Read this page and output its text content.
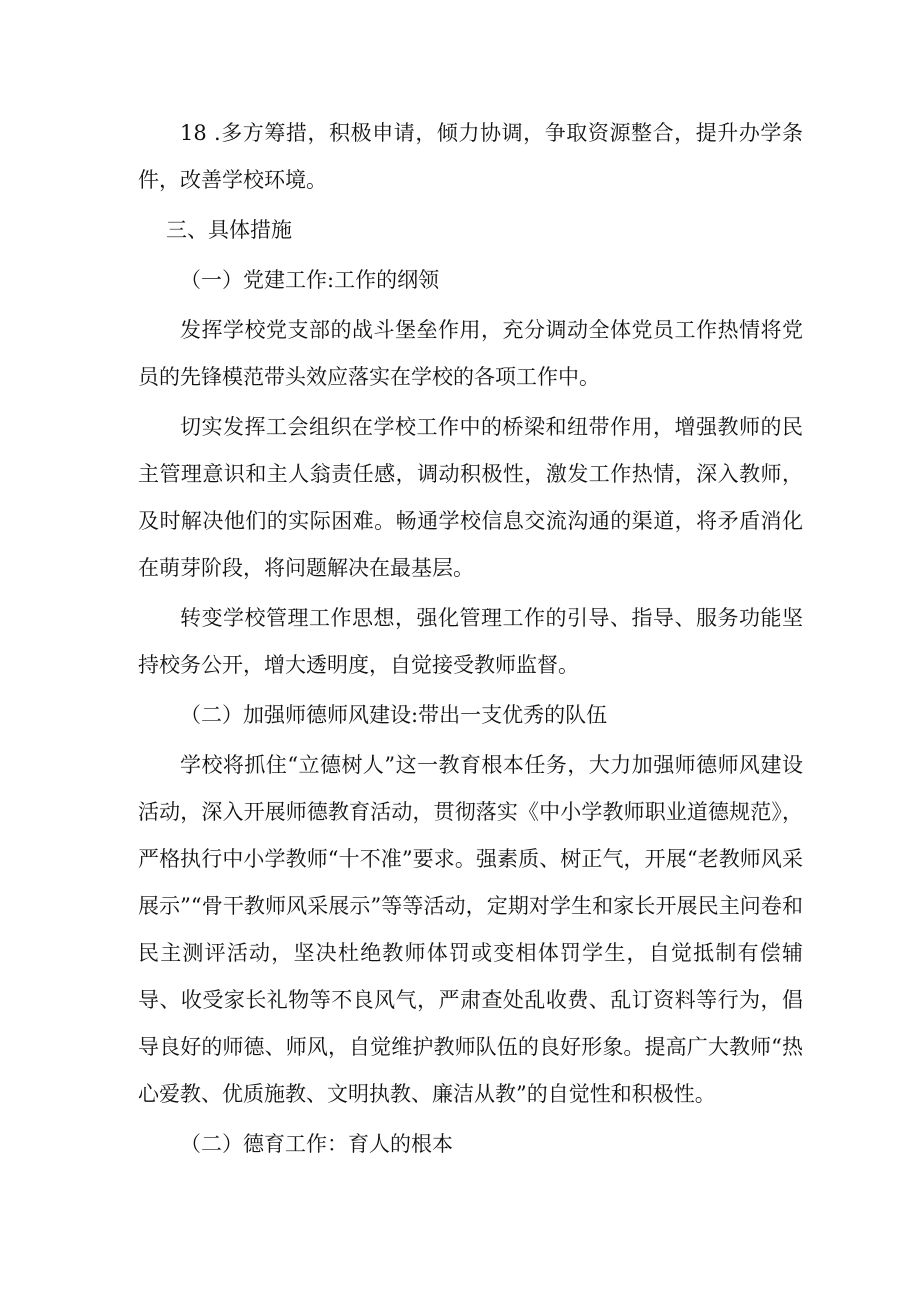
18 .多方筹措，积极申请，倾力协调，争取资源整合，提升办学条件，改善学校环境。

三、具体措施

（一）党建工作:工作的纲领

发挥学校党支部的战斗堡垒作用，充分调动全体党员工作热情将党员的先锋模范带头效应落实在学校的各项工作中。

切实发挥工会组织在学校工作中的桥梁和纽带作用，增强教师的民主管理意识和主人翁责任感，调动积极性，激发工作热情，深入教师，及时解决他们的实际困难。畅通学校信息交流沟通的渠道，将矛盾消化在萌芽阶段，将问题解决在最基层。

转变学校管理工作思想，强化管理工作的引导、指导、服务功能坚持校务公开，增大透明度，自觉接受教师监督。

（二）加强师德师风建设:带出一支优秀的队伍

学校将抓住“立德树人”这一教育根本任务，大力加强师德师风建设活动，深入开展师德教育活动，贯彻落实《中小学教师职业道德规范》，严格执行中小学教师“十不准”要求。强素质、树正气，开展“老教师风采展示”“骨干教师风采展示”等等活动，定期对学生和家长开展民主问卷和民主测评活动，坚决杜绝教师体罚或变相体罚学生，自觉抵制有偿辅导、收受家长礼物等不良风气，严肃查处乱收费、乱订资料等行为，倡导良好的师德、师风，自觉维护教师队伍的良好形象。提高广大教师“热心爱教、优质施教、文明执教、廉洁从教”的自觉性和积极性。

（二）德育工作：育人的根本
